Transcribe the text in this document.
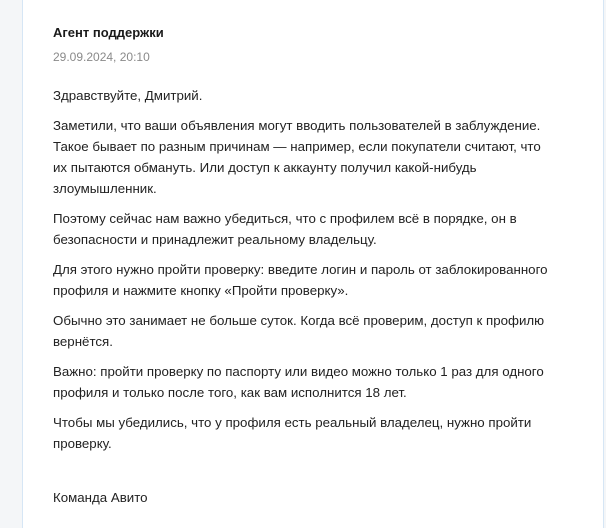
Агент поддержки
29.09.2024, 20:10

Здравствуйте, Дмитрий.

Заметили, что ваши объявления могут вводить пользователей в заблуждение. Такое бывает по разным причинам — например, если покупатели считают, что их пытаются обмануть. Или доступ к аккаунту получил какой-нибудь злоумышленник.

Поэтому сейчас нам важно убедиться, что с профилем всё в порядке, он в безопасности и принадлежит реальному владельцу.

Для этого нужно пройти проверку: введите логин и пароль от заблокированного профиля и нажмите кнопку «Пройти проверку».

Обычно это занимает не больше суток. Когда всё проверим, доступ к профилю вернётся.

Важно: пройти проверку по паспорту или видео можно только 1 раз для одного профиля и только после того, как вам исполнится 18 лет.

Чтобы мы убедились, что у профиля есть реальный владелец, нужно пройти проверку.

Команда Авито
